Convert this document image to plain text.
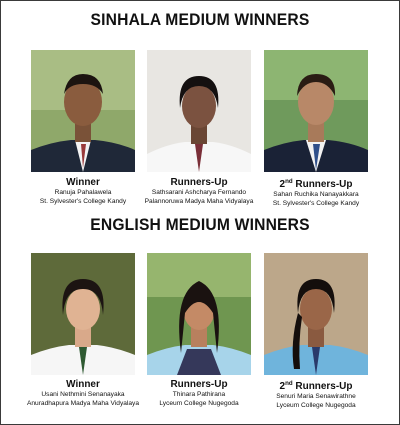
SINHALA MEDIUM WINNERS
Winner
Ranuja Pahalawela
St. Sylvester's College Kandy
Runners-Up
Sathsarani Ashcharya Fernando
Palannoruwa Madya Maha Vidyalaya
2nd Runners-Up
Sahan Ruchika Nanayakkara
St. Sylvester's College Kandy
ENGLISH MEDIUM WINNERS
Winner
Usani Nethmini Senanayaka
Anuradhapura Madya Maha Vidyalaya
Runners-Up
Thinara Pathirana
Lyceum College Nugegoda
2nd Runners-Up
Senuri Maria Senawirathne
Lyceum College Nugegoda
